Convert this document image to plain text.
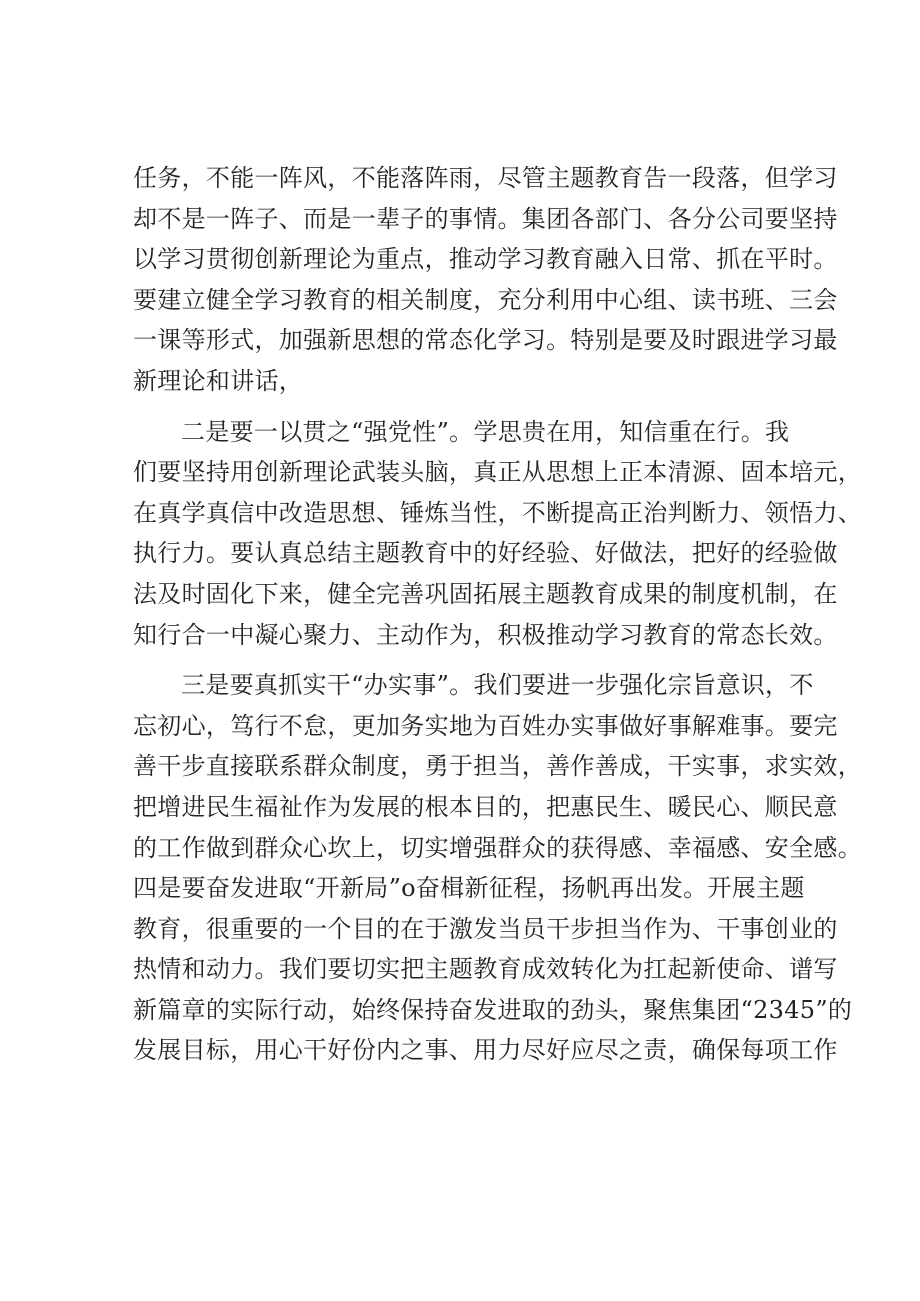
任务，不能一阵风，不能落阵雨，尽管主题教育告一段落，但学习
却不是一阵子、而是一辈子的事情。集团各部门、各分公司要坚持
以学习贯彻创新理论为重点，推动学习教育融入日常、抓在平时。
要建立健全学习教育的相关制度，充分利用中心组、读书班、三会
一课等形式，加强新思想的常态化学习。特别是要及时跟进学习最
新理论和讲话，
二是要一以贯之“强党性”。学思贵在用，知信重在行。我
们要坚持用创新理论武装头脑，真正从思想上正本清源、固本培元，
在真学真信中改造思想、锤炼当性，不断提高正治判断力、领悟力、
执行力。要认真总结主题教育中的好经验、好做法，把好的经验做
法及时固化下来，健全完善巩固拓展主题教育成果的制度机制，在
知行合一中凝心聚力、主动作为，积极推动学习教育的常态长效。
三是要真抓实干“办实事”。我们要进一步强化宗旨意识，不
忘初心，笃行不怠，更加务实地为百姓办实事做好事解难事。要完
善干步直接联系群众制度，勇于担当，善作善成，干实事，求实效，
把增进民生福祉作为发展的根本目的，把惠民生、暖民心、顺民意
的工作做到群众心坎上，切实增强群众的获得感、幸福感、安全感。
四是要奋发进取“开新局”o奋楫新征程，扬帆再出发。开展主题
教育，很重要的一个目的在于激发当员干步担当作为、干事创业的
热情和动力。我们要切实把主题教育成效转化为扛起新使命、谱写
新篇章的实际行动，始终保持奋发进取的劲头，聚焦集团“2345”的
发展目标，用心干好份内之事、用力尽好应尽之责，确保每项工作
